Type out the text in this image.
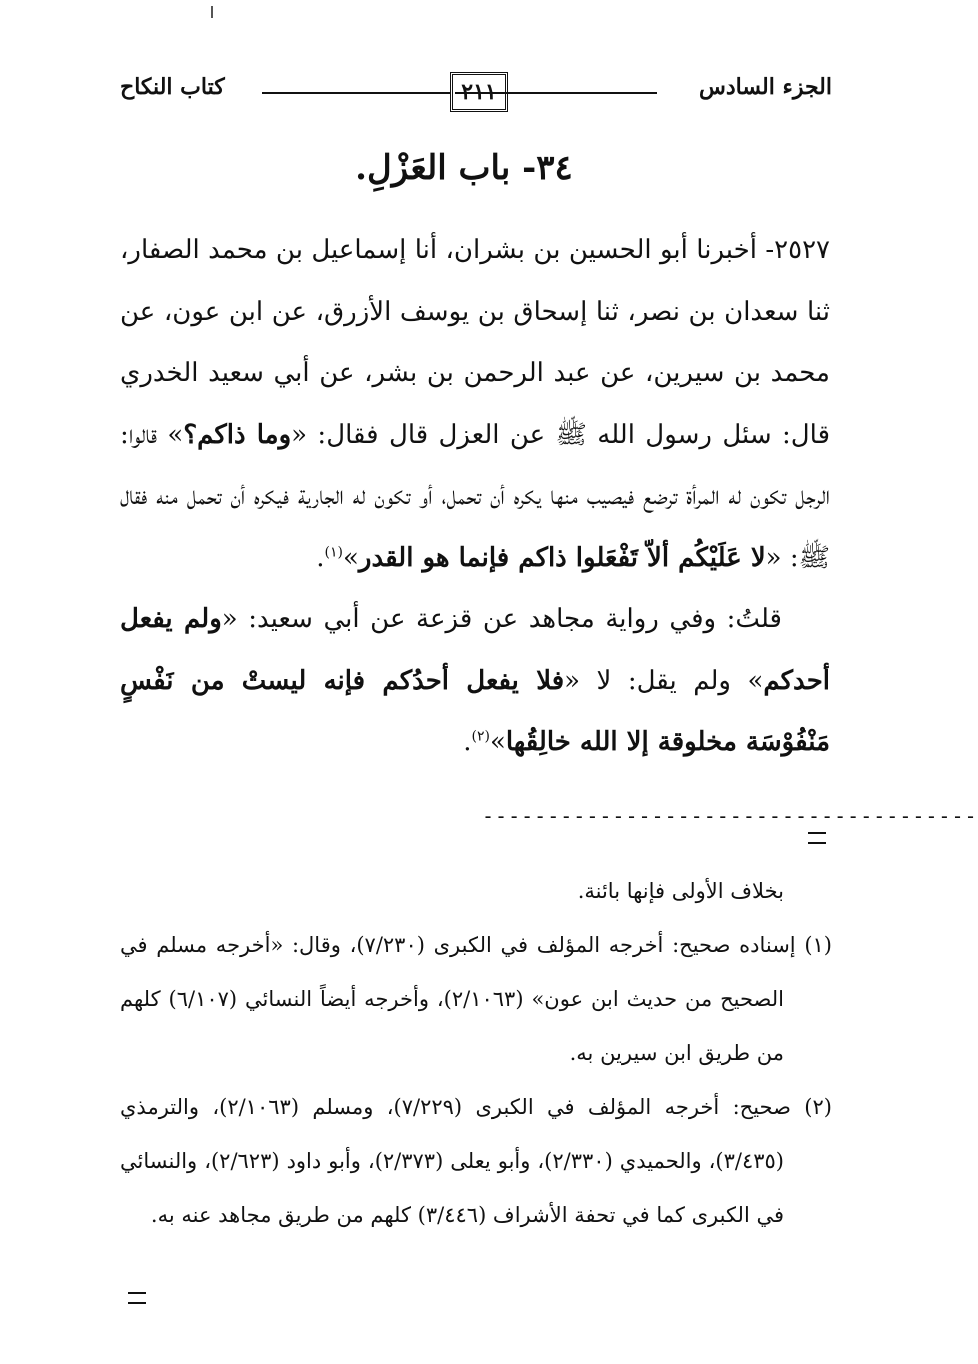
الجزء السادس
٢١١
كتاب النكاح
٣٤- باب العَزْلِ.

٢٥٢٧- أخبرنا أبو الحسين بن بشران، أنا إسماعيل بن محمد الصفار، ثنا سعدان بن نصر، ثنا إسحاق بن يوسف الأزرق، عن ابن عون، عن محمد بن سيرين، عن عبد الرحمن بن بشر، عن أبي سعيد الخدري قال: سئل رسول الله ﷺ عن العزل قال فقال: «وما ذاكم؟» قالوا: الرجل تكون له المرأة ترضع فيصيب منها يكره أن تحمل، أو تكون له الجارية فيكره أن تحمل منه فقال ﷺ: «لا عَلَيْكُم ألاّ تَفْعَلوا ذاكم فإنما هو القدر»$^{(١)}$.

قلتُ: وفي رواية مجاهد عن قزعة عن أبي سعيد: «ولم يفعل أحدكم» ولم يقل: لا «فلا يفعل أحدُكم فإنه ليستْ من نَفْسٍ مَنْفُوْسَة مخلوقة إلا الله خالِقُها»$^{(٢)}$.

--------------------------------------

بخلاف الأولى فإنها بائنة.

(١) إسناده صحيح: أخرجه المؤلف في الكبرى (٧/٢٣٠)، وقال: «أخرجه مسلم في الصحيح من حديث ابن عون» (٢/١٠٦٣)، وأخرجه أيضاً النسائي (٦/١٠٧) كلهم من طريق ابن سيرين به.

(٢) صحيح: أخرجه المؤلف في الكبرى (٧/٢٢٩)، ومسلم (٢/١٠٦٣)، والترمذي (٣/٤٣٥)، والحميدي (٢/٣٣٠)، وأبو يعلى (٢/٣٧٣)، وأبو داود (٢/٦٢٣)، والنسائي في الكبرى كما في تحفة الأشراف (٣/٤٤٦) كلهم من طريق مجاهد عنه به.
